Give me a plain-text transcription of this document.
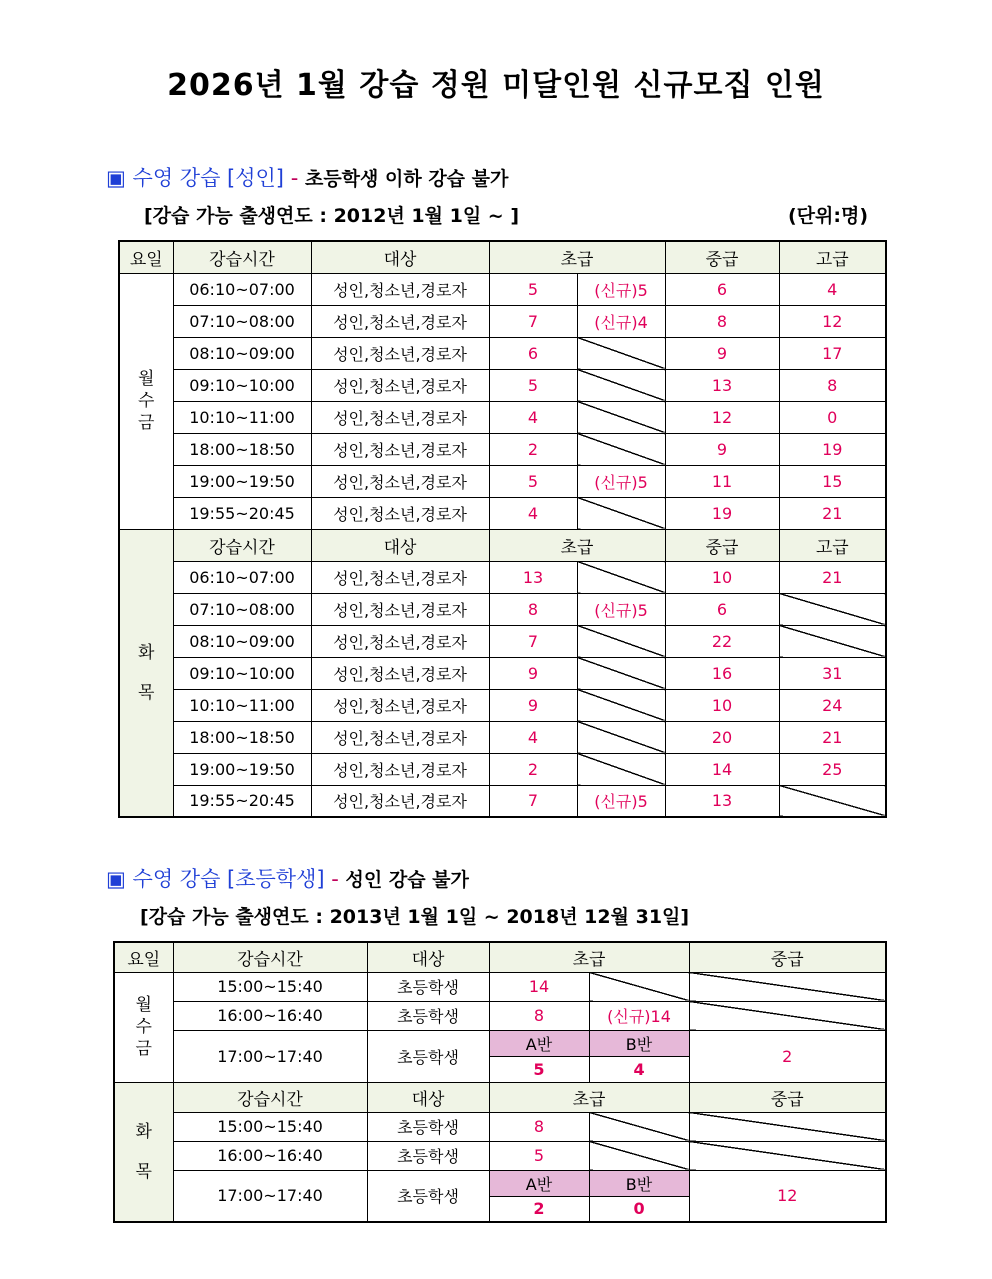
2026년 1월 강습 정원 미달인원 신규모집 인원
▣ 수영 강습 [성인] - 초등학생 이하 강습 불가
[강습 가능 출생연도 : 2012년 1월 1일 ~ ]	(단위:명)
요일	강습시간	대상	초급		중급	고급

월
수
금	06:10~07:00	성인,청소년,경로자	5	(신규)5	6	4
	07:10~08:00	성인,청소년,경로자	7	(신규)4	8	12
	08:10~09:00	성인,청소년,경로자	6		9	17
	09:10~10:00	성인,청소년,경로자	5		13	8
	10:10~11:00	성인,청소년,경로자	4		12	0
	18:00~18:50	성인,청소년,경로자	2		9	19
	19:00~19:50	성인,청소년,경로자	5	(신규)5	11	15
	19:55~20:45	성인,청소년,경로자	4		19	21

화
목	강습시간	대상	초급		중급	고급
	06:10~07:00	성인,청소년,경로자	13		10	21
	07:10~08:00	성인,청소년,경로자	8	(신규)5	6	
	08:10~09:00	성인,청소년,경로자	7		22	
	09:10~10:00	성인,청소년,경로자	9		16	31
	10:10~11:00	성인,청소년,경로자	9		10	24
	18:00~18:50	성인,청소년,경로자	4		20	21
	19:00~19:50	성인,청소년,경로자	2		14	25
	19:55~20:45	성인,청소년,경로자	7	(신규)5	13	
▣ 수영 강습 [초등학생] - 성인 강습 불가
[강습 가능 출생연도 : 2013년 1월 1일 ~ 2018년 12월 31일]
요일	강습시간	대상	초급		중급

월
수
금	15:00~15:40	초등학생	14		
	16:00~16:40	초등학생	8	(신규)14	
	17:00~17:40	초등학생	A반	B반	2
			5	4	

화
목	강습시간	대상	초급		중급
	15:00~15:40	초등학생	8		
	16:00~16:40	초등학생	5		
	17:00~17:40	초등학생	A반	B반	12
			2	0	
